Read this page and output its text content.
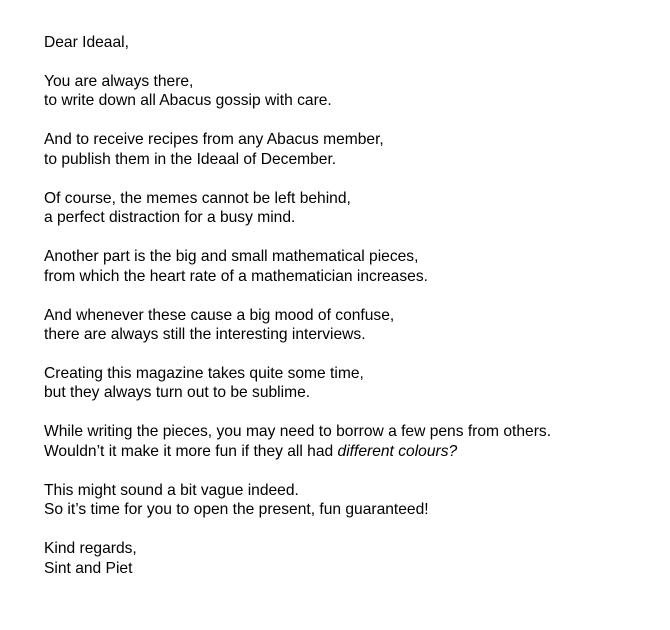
Dear Ideaal,
You are always there,
to write down all Abacus gossip with care.
And to receive recipes from any Abacus member,
to publish them in the Ideaal of December.
Of course, the memes cannot be left behind,
a perfect distraction for a busy mind.
Another part is the big and small mathematical pieces,
from which the heart rate of a mathematician increases.
And whenever these cause a big mood of confuse,
there are always still the interesting interviews.
Creating this magazine takes quite some time,
but they always turn out to be sublime.
While writing the pieces, you may need to borrow a few pens from others.
Wouldn’t it make it more fun if they all had different colours?
This might sound a bit vague indeed.
So it’s time for you to open the present, fun guaranteed!
Kind regards,
Sint and Piet
